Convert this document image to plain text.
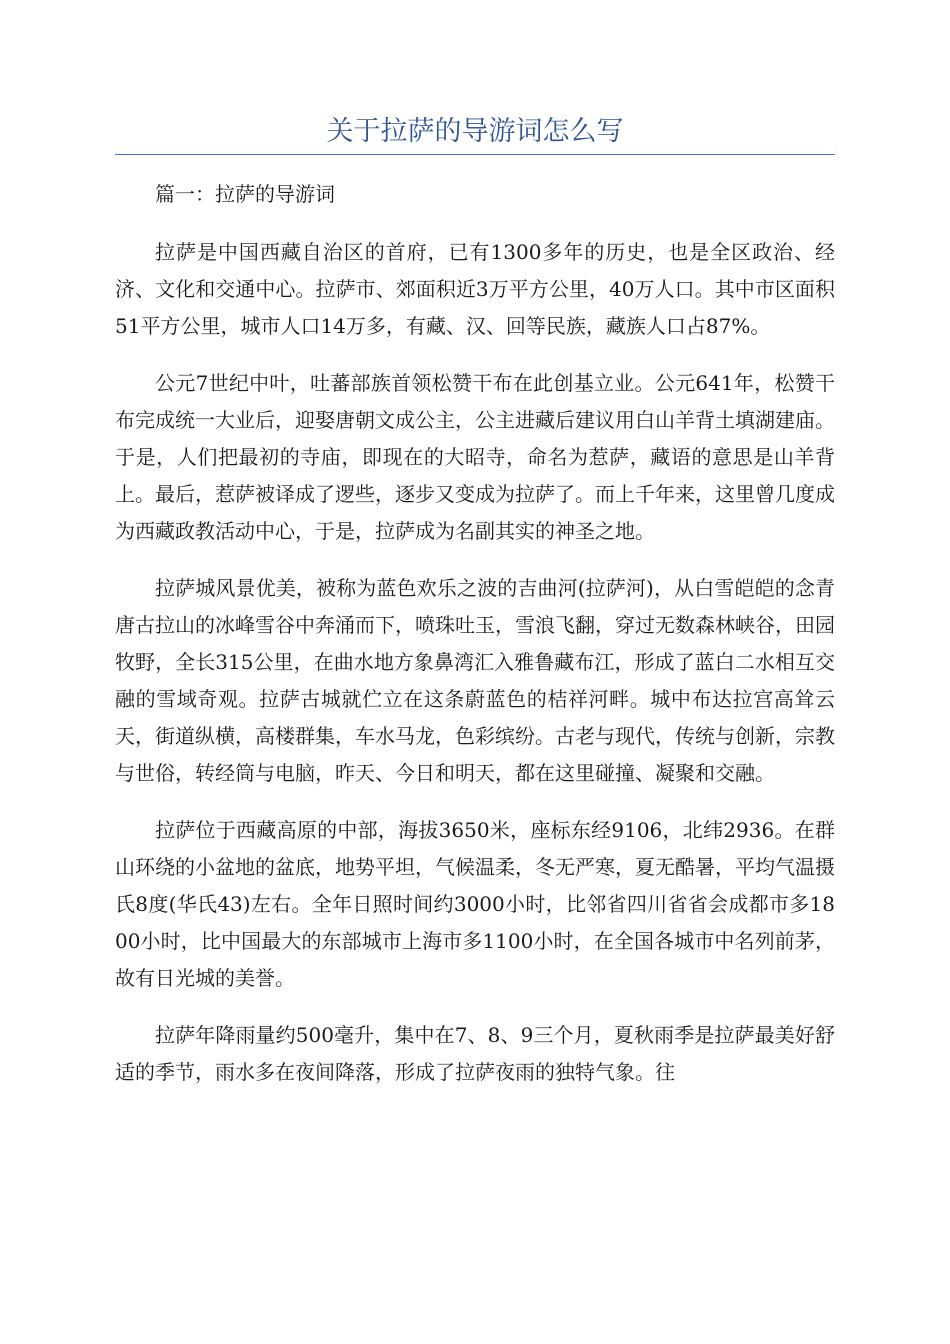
关于拉萨的导游词怎么写

篇一：拉萨的导游词

拉萨是中国西藏自治区的首府，已有1300多年的历史，也是全区政治、经济、文化和交通中心。拉萨市、郊面积近3万平方公里，40万人口。其中市区面积51平方公里，城市人口14万多，有藏、汉、回等民族，藏族人口占87%。

公元7世纪中叶，吐蕃部族首领松赞干布在此创基立业。公元641年，松赞干布完成统一大业后，迎娶唐朝文成公主，公主进藏后建议用白山羊背土填湖建庙。于是，人们把最初的寺庙，即现在的大昭寺，命名为惹萨，藏语的意思是山羊背上。最后，惹萨被译成了逻些，逐步又变成为拉萨了。而上千年来，这里曾几度成为西藏政教活动中心，于是，拉萨成为名副其实的神圣之地。

拉萨城风景优美，被称为蓝色欢乐之波的吉曲河(拉萨河)，从白雪皑皑的念青唐古拉山的冰峰雪谷中奔涌而下，喷珠吐玉，雪浪飞翻，穿过无数森林峡谷，田园牧野，全长315公里，在曲水地方象鼻湾汇入雅鲁藏布江，形成了蓝白二水相互交融的雪域奇观。拉萨古城就伫立在这条蔚蓝色的桔祥河畔。城中布达拉宫高耸云天，街道纵横，高楼群集，车水马龙，色彩缤纷。古老与现代，传统与创新，宗教与世俗，转经筒与电脑，昨天、今日和明天，都在这里碰撞、凝聚和交融。

拉萨位于西藏高原的中部，海拔3650米，座标东经9106，北纬2936。在群山环绕的小盆地的盆底，地势平坦，气候温柔，冬无严寒，夏无酷暑，平均气温摄氏8度(华氏43)左右。全年日照时间约3000小时，比邻省四川省省会成都市多1800小时，比中国最大的东部城市上海市多1100小时，在全国各城市中名列前茅，故有日光城的美誉。

拉萨年降雨量约500毫升，集中在7、8、9三个月，夏秋雨季是拉萨最美好舒适的季节，雨水多在夜间降落，形成了拉萨夜雨的独特气象。往
